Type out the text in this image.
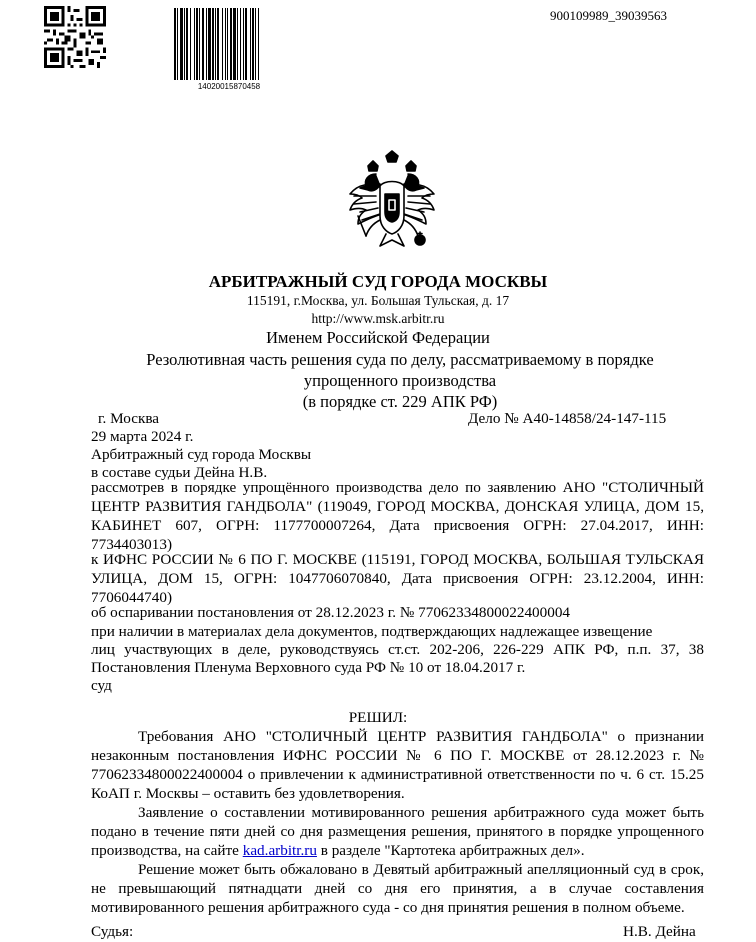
14020015870458
900109989_39039563
АРБИТРАЖНЫЙ СУД ГОРОДА МОСКВЫ
115191, г.Москва, ул. Большая Тульская, д. 17
http://www.msk.arbitr.ru
Именем Российской Федерации
Резолютивная часть решения суда по делу, рассматриваемому в порядке
упрощенного производства
(в порядке ст. 229 АПК РФ)
г. Москва	Дело № А40-14858/24-147-115
29 марта 2024 г.
Арбитражный суд города Москвы
в составе судьи Дейна Н.В.
рассмотрев в порядке упрощённого производства дело по заявлению АНО "СТОЛИЧНЫЙ ЦЕНТР РАЗВИТИЯ ГАНДБОЛА" (119049, ГОРОД МОСКВА, ДОНСКАЯ УЛИЦА, ДОМ 15, КАБИНЕТ 607, ОГРН: 1177700007264, Дата присвоения ОГРН: 27.04.2017, ИНН: 7734403013)
к ИФНС РОССИИ № 6 ПО Г. МОСКВЕ (115191, ГОРОД МОСКВА, БОЛЬШАЯ ТУЛЬСКАЯ УЛИЦА, ДОМ 15, ОГРН: 1047706070840, Дата присвоения ОГРН: 23.12.2004, ИНН: 7706044740)
об оспаривании постановления от 28.12.2023 г. № 77062334800022400004
при наличии в материалах дела документов, подтверждающих надлежащее извещение
лиц участвующих в деле, руководствуясь ст.ст. 202-206, 226-229 АПК РФ, п.п. 37, 38
Постановления Пленума Верховного суда РФ № 10 от 18.04.2017 г.
суд
РЕШИЛ:

Требования АНО "СТОЛИЧНЫЙ ЦЕНТР РАЗВИТИЯ ГАНДБОЛА" о признании незаконным постановления ИФНС РОССИИ № 6 ПО Г. МОСКВЕ от 28.12.2023 г. № 77062334800022400004 о привлечении к административной ответственности по ч. 6 ст. 15.25 КоАП г. Москвы – оставить без удовлетворения.

Заявление о составлении мотивированного решения арбитражного суда может быть подано в течение пяти дней со дня размещения решения, принятого в порядке упрощенного производства, на сайте kad.arbitr.ru в разделе "Картотека арбитражных дел».

Решение может быть обжаловано в Девятый арбитражный апелляционный суд в срок, не превышающий пятнадцати дней со дня его принятия, а в случае составления мотивированного решения арбитражного суда - со дня принятия решения в полном объеме.

Судья:	Н.В. Дейна
